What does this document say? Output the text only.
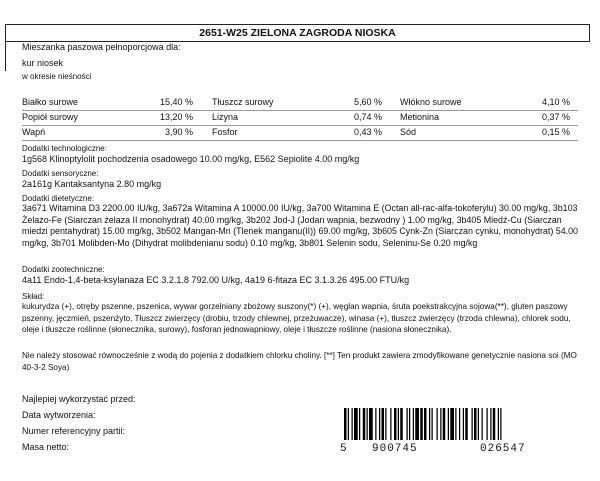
2651-W25 ZIELONA ZAGRODA NIOSKA
Mieszanka paszowa pełnoporcjowa dla:
kur niosek
w okresie nieśności
Białko surowe	15,40 % Tłuszcz surowy	5,60 % Włókno surowe	4,10 %
Popiół surowy	13,20 % Lizyna	0,74 % Metionina	0,37 %
Wapń	3,90 % Fosfor	0,43 % Sód	0,15 %
Dodatki technologiczne:
1g568 Klinoptylolit pochodzenia osadowego 10.00 mg/kg, E562 Sepiolite 4.00 mg/kg
Dodatki sensoryczne:
2a161g Kantaksantyna 2.80 mg/kg
Dodatki dietetyczne:
3a671 Witamina D3 2200.00 IU/kg, 3a672a Witamina A 10000.00 IU/kg, 3a700 Witamina E (Octan all-rac-alfa-tokoferylu) 30.00 mg/kg, 3b103 Żelazo-Fe (Siarczan żelaza II monohydrat) 40.00 mg/kg, 3b202 Jod-J (Jodan wapnia, bezwodny ) 1.00 mg/kg, 3b405 Miedź-Cu (Siarczan miedzi pentahydrat) 15.00 mg/kg, 3b502 Mangan-Mn (Tlenek manganu(II)) 69.00 mg/kg, 3b605 Cynk-Zn (Siarczan cynku, monohydrat) 54.00 mg/kg, 3b701 Molibden-Mo (Dihydrat molibdenianu sodu) 0.10 mg/kg, 3b801 Selenin sodu, Seleninu-Se 0.20 mg/kg
Dodatki zootechniczne:
4a11 Endo-1,4-beta-ksylanaza EC 3.2.1.8 792.00 U/kg, 4a19 6-fitaza EC 3.1.3.26 495.00 FTU/kg
Skład:
kukurydza (+), otręby pszenne, pszenica, wywar gorzelniany zbożowy suszony(*) (+), węglan wapnia, śruta poekstrakcyjna sojowa(**), gluten paszowy pszenny, jęczmień, pszenżyto, Tłuszcz zwierzęcy (drobiu, trzody chlewnej, przeżuwacze), winasa (+), tłuszcz zwierzęcy (trzoda chlewna), chlorek sodu, oleje i tłuszcze roślinne (słonecznika, surowy), fosforan jednowapniowy, oleje i tłuszcze roślinne (nasiona słonecznika).
Nie należy stosować równocześnie z wodą do pojenia z dodatkiem chlorku choliny. [**] Ten produkt zawiera zmodyfikowane genetycznie nasiona soi (MO 40-3-2 Soya)
Najlepiej wykorzystać przed:
Data wytworzenia:
Numer referencyjny partii:
Masa netto:	5 900745	026547
